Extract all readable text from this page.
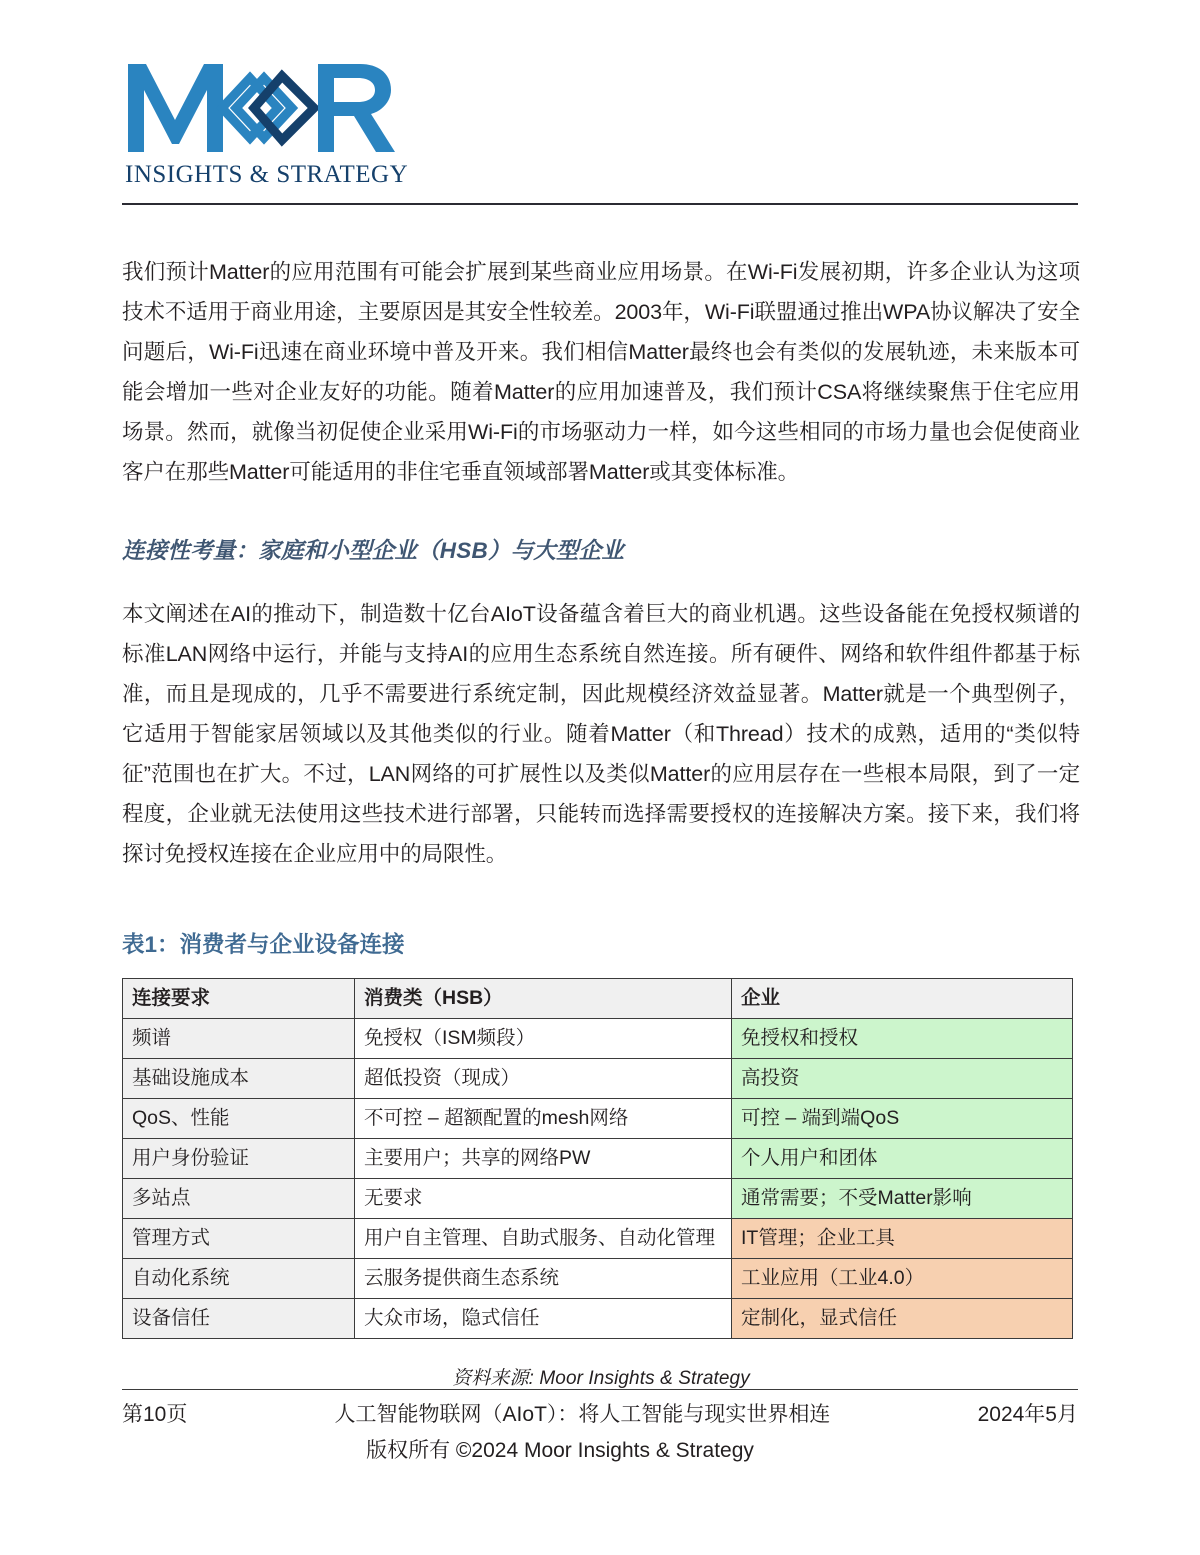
INSIGHTS & STRATEGY

我们预计Matter的应用范围有可能会扩展到某些商业应用场景。在Wi-Fi发展初期，许多企业认为这项技术不适用于商业用途，主要原因是其安全性较差。2003年，Wi-Fi联盟通过推出WPA协议解决了安全问题后，Wi-Fi迅速在商业环境中普及开来。我们相信Matter最终也会有类似的发展轨迹，未来版本可能会增加一些对企业友好的功能。随着Matter的应用加速普及，我们预计CSA将继续聚焦于住宅应用场景。然而，就像当初促使企业采用Wi-Fi的市场驱动力一样，如今这些相同的市场力量也会促使商业客户在那些Matter可能适用的非住宅垂直领域部署Matter或其变体标准。

连接性考量：家庭和小型企业（HSB）与大型企业

本文阐述在AI的推动下，制造数十亿台AIoT设备蕴含着巨大的商业机遇。这些设备能在免授权频谱的标准LAN网络中运行，并能与支持AI的应用生态系统自然连接。所有硬件、网络和软件组件都基于标准，而且是现成的，几乎不需要进行系统定制，因此规模经济效益显著。Matter就是一个典型例子，它适用于智能家居领域以及其他类似的行业。随着Matter（和Thread）技术的成熟，适用的“类似特征”范围也在扩大。不过，LAN网络的可扩展性以及类似Matter的应用层存在一些根本局限，到了一定程度，企业就无法使用这些技术进行部署，只能转而选择需要授权的连接解决方案。接下来，我们将探讨免授权连接在企业应用中的局限性。

表1：消费者与企业设备连接
连接要求	消费类（HSB）	企业
频谱	免授权（ISM频段）	免授权和授权
基础设施成本	超低投资（现成）	高投资
QoS、性能	不可控 – 超额配置的mesh网络	可控 – 端到端QoS
用户身份验证	主要用户；共享的网络PW	个人用户和团体
多站点	无要求	通常需要；不受Matter影响
管理方式	用户自主管理、自助式服务、自动化管理	IT管理；企业工具
自动化系统	云服务提供商生态系统	工业应用（工业4.0）
设备信任	大众市场，隐式信任	定制化，显式信任

资料来源: Moor Insights & Strategy

第10页	人工智能物联网（AIoT）：将人工智能与现实世界相连	2024年5月
版权所有 ©2024 Moor Insights & Strategy
